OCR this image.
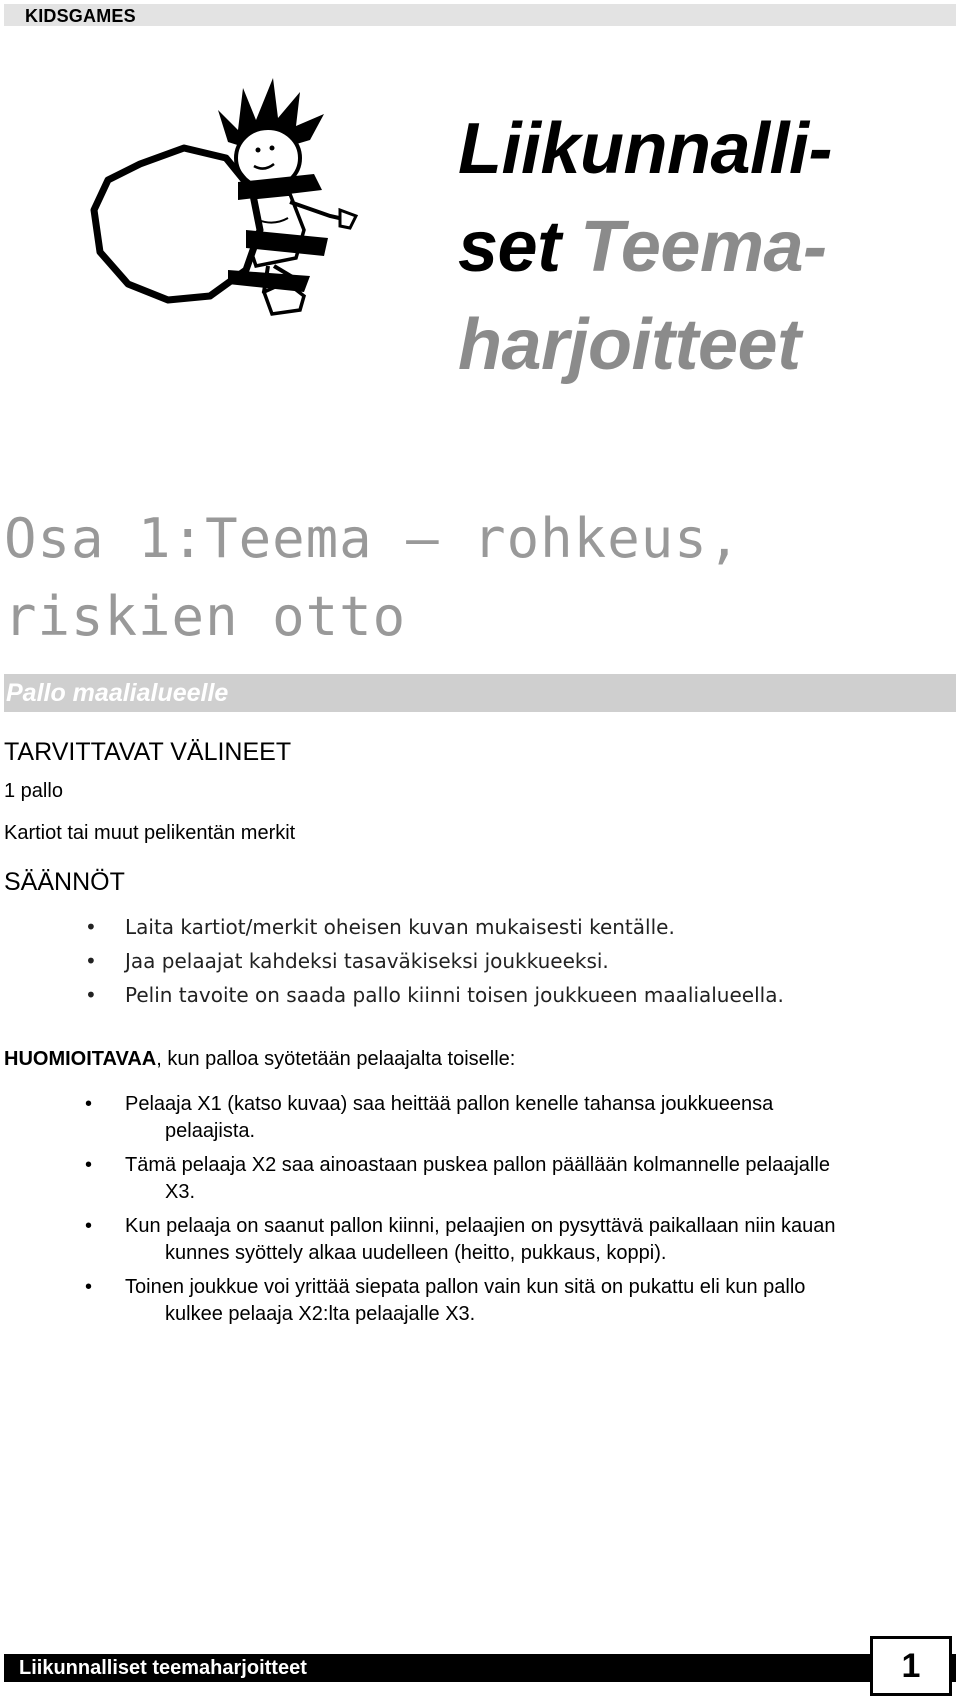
KIDSGAMES
Liikunnalli-
set Teema-
harjoitteet
Osa 1:Teema – rohkeus, riskien otto
Pallo maalialueelle
TARVITTAVAT VÄLINEET
1 pallo
Kartiot tai muut pelikentän merkit
SÄÄNNÖT
• Laita kartiot/merkit oheisen kuvan mukaisesti kentälle.
• Jaa pelaajat kahdeksi tasaväkiseksi joukkueeksi.
• Pelin tavoite on saada pallo kiinni toisen joukkueen maalialueella.
HUOMIOITAVAA, kun palloa syötetään pelaajalta toiselle:
• Pelaaja X1 (katso kuvaa) saa heittää pallon kenelle tahansa joukkueensa
pelaajista.
• Tämä pelaaja X2 saa ainoastaan puskea pallon päällään kolmannelle pelaajalle
X3.
• Kun pelaaja on saanut pallon kiinni, pelaajien on pysyttävä paikallaan niin kauan
kunnes syöttely alkaa uudelleen (heitto, pukkaus, koppi).
• Toinen joukkue voi yrittää siepata pallon vain kun sitä on pukattu eli kun pallo
kulkee pelaaja X2:lta pelaajalle X3.
Liikunnalliset teemaharjoitteet	1
